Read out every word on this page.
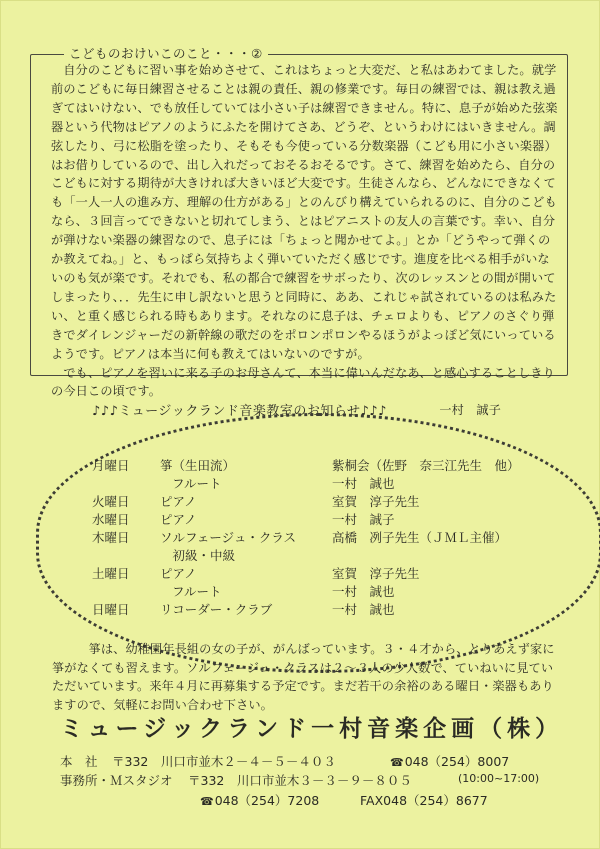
こどものおけいこのこと・・・②

自分のこどもに習い事を始めさせて、これはちょっと大変だ、と私はあわてました。就学前のこどもに毎日練習させることは親の責任、親の修業です。毎日の練習では、親は教え過ぎてはいけない、でも放任していては小さい子は練習できません。特に、息子が始めた弦楽器という代物はピアノのようにふたを開けてさあ、どうぞ、というわけにはいきません。調弦したり、弓に松脂を塗ったり、そもそも今使っている分数楽器（こども用に小さい楽器）はお借りしているので、出し入れだっておそるおそるです。さて、練習を始めたら、自分のこどもに対する期待が大きければ大きいほど大変です。生徒さんなら、どんなにできなくても「一人一人の進み方、理解の仕方がある」とのんびり構えていられるのに、自分のこどもなら、３回言ってできないと切れてしまう、とはピアニストの友人の言葉です。幸い、自分が弾けない楽器の練習なので、息子には「ちょっと聞かせてよ。」とか「どうやって弾くのか教えてね。」と、もっぱら気持ちよく弾いていただく感じです。進度を比べる相手がいないのも気が楽です。それでも、私の都合で練習をサボったり、次のレッスンとの間が開いてしまったり、．．先生に申し訳ないと思うと同時に、ああ、これじゃ試されているのは私みたい、と重く感じられる時もあります。それなのに息子は、チェロよりも、ピアノのさぐり弾きでダイレンジャーだの新幹線の歌だのをポロンポロンやるほうがよっぽど気にいっているようです。ピアノは本当に何も教えてはいないのですが。

でも、ピアノを習いに来る子のお母さんて、本当に偉いんだなあ、と感心することしきりの今日この頃です。

一村　誠子

♪♪♪ミュージックランド音楽教室のお知らせ♪♪♪
月曜日 箏（生田流）	紫桐会（佐野　奈三江先生　他）
フルート	一村　誠也
火曜日 ピアノ	室賀　淳子先生
水曜日 ピアノ	一村　誠子
木曜日 ソルフェージュ・クラス	高橋　冽子先生（ＪＭＬ主催）
　初級・中級
土曜日 ピアノ	室賀　淳子先生
フルート	一村　誠也
日曜日 リコーダー・クラブ	一村　誠也

箏は、幼稚園年長組の女の子が、がんばっています。３・４才から、とりあえず家に箏がなくても習えます。ソルフェージュ・クラスは２～３人の少人数で、ていねいに見ていただいています。来年４月に再募集する予定です。まだ若干の余裕のある曜日・楽器もありますので、気軽にお問い合わせ下さい。

ミュージックランド一村音楽企画（株）
本　社 〒332　川口市並木２－４－５－４０３	☎048（254）8007
事務所・Ｍスタジオ 〒332　川口市並木３－３－９－８０５	(10:00~17:00)
☎048（254）7208	FAX048（254）8677
